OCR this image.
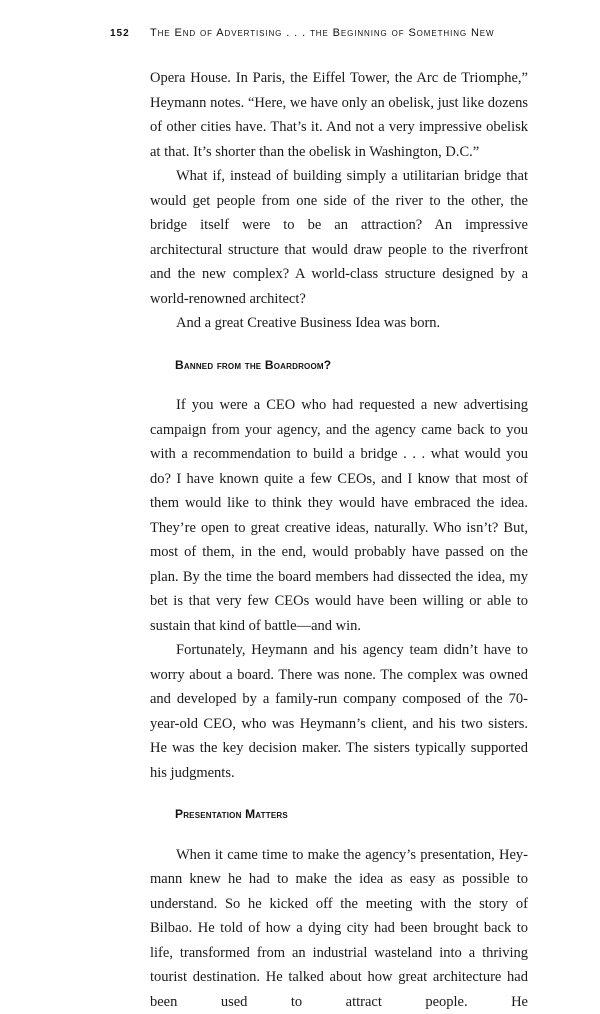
152 The End of Advertising . . . the Beginning of Something New

Opera House. In Paris, the Eiffel Tower, the Arc de Triomphe,” Heymann notes. “Here, we have only an obelisk, just like dozens of other cities have. That’s it. And not a very impressive obelisk at that. It’s shorter than the obelisk in Washington, D.C.”

What if, instead of building simply a utilitarian bridge that would get people from one side of the river to the other, the bridge itself were to be an attraction? An impressive architectural structure that would draw people to the riverfront and the new complex? A world-class structure designed by a world-renowned architect?

And a great Creative Business Idea was born.

Banned from the Boardroom?

If you were a CEO who had requested a new advertising campaign from your agency, and the agency came back to you with a recommendation to build a bridge . . . what would you do? I have known quite a few CEOs, and I know that most of them would like to think they would have embraced the idea. They’re open to great creative ideas, naturally. Who isn’t? But, most of them, in the end, would probably have passed on the plan. By the time the board members had dissected the idea, my bet is that very few CEOs would have been willing or able to sustain that kind of battle—and win.

Fortunately, Heymann and his agency team didn’t have to worry about a board. There was none. The complex was owned and developed by a family-run company composed of the 70-year-old CEO, who was Heymann’s client, and his two sisters. He was the key decision maker. The sisters typically supported his judgments.

Presentation Matters

When it came time to make the agency’s presentation, Heymann knew he had to make the idea as easy as possible to understand. So he kicked off the meeting with the story of Bilbao. He told of how a dying city had been brought back to life, transformed from an industrial wasteland into a thriving tourist destination. He talked about how great architecture had been used to attract people. He
